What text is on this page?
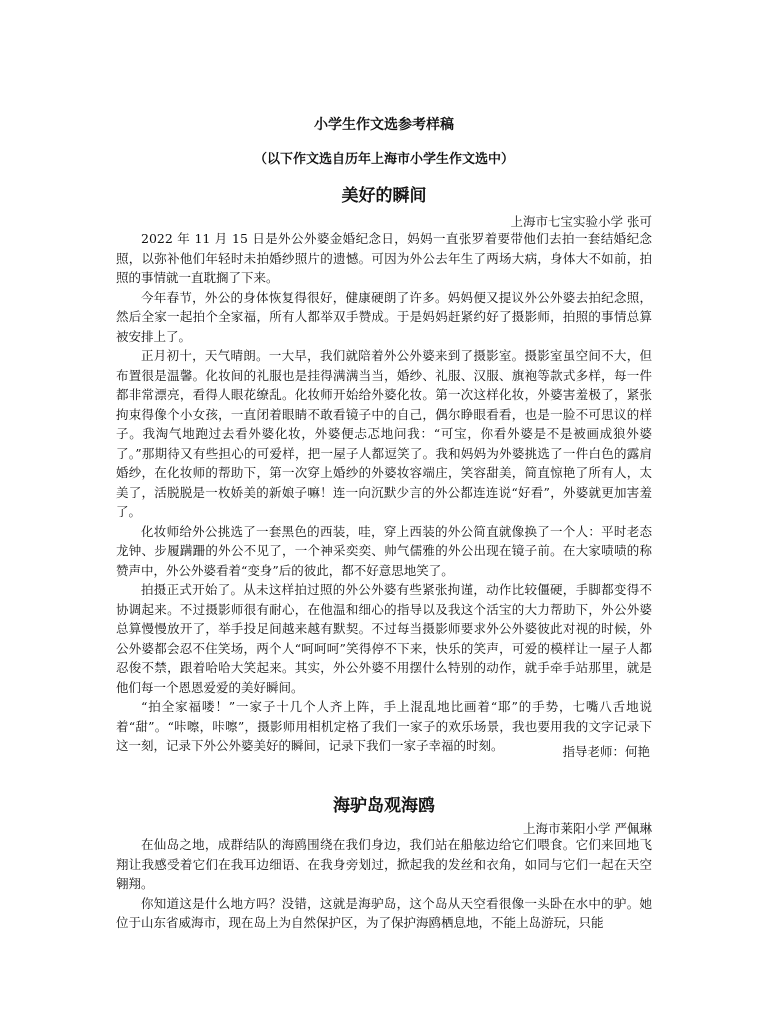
小学生作文选参考样稿
（以下作文选自历年上海市小学生作文选中）
美好的瞬间
上海市七宝实验小学 张可

2022 年 11 月 15 日是外公外婆金婚纪念日，妈妈一直张罗着要带他们去拍一套结婚纪念照，以弥补他们年轻时未拍婚纱照片的遗憾。可因为外公去年生了两场大病，身体大不如前，拍照的事情就一直耽搁了下来。

今年春节，外公的身体恢复得很好，健康硬朗了许多。妈妈便又提议外公外婆去拍纪念照，然后全家一起拍个全家福，所有人都举双手赞成。于是妈妈赶紧约好了摄影师，拍照的事情总算被安排上了。

正月初十，天气晴朗。一大早，我们就陪着外公外婆来到了摄影室。摄影室虽空间不大，但布置很是温馨。化妆间的礼服也是挂得满满当当，婚纱、礼服、汉服、旗袍等款式多样，每一件都非常漂亮，看得人眼花缭乱。化妆师开始给外婆化妆。第一次这样化妆，外婆害羞极了，紧张拘束得像个小女孩，一直闭着眼睛不敢看镜子中的自己，偶尔睁眼看看，也是一脸不可思议的样子。我淘气地跑过去看外婆化妆，外婆便忐忑地问我：“可宝，你看外婆是不是被画成狼外婆了。”那期待又有些担心的可爱样，把一屋子人都逗笑了。我和妈妈为外婆挑选了一件白色的露肩婚纱，在化妆师的帮助下，第一次穿上婚纱的外婆妆容端庄，笑容甜美，简直惊艳了所有人，太美了，活脱脱是一枚娇美的新娘子嘛！连一向沉默少言的外公都连连说“好看”，外婆就更加害羞了。

化妆师给外公挑选了一套黑色的西装，哇，穿上西装的外公简直就像换了一个人：平时老态龙钟、步履蹒跚的外公不见了，一个神采奕奕、帅气儒雅的外公出现在镜子前。在大家啧啧的称赞声中，外公外婆看着“变身”后的彼此，都不好意思地笑了。

拍摄正式开始了。从未这样拍过照的外公外婆有些紧张拘谨，动作比较僵硬，手脚都变得不协调起来。不过摄影师很有耐心，在他温和细心的指导以及我这个活宝的大力帮助下，外公外婆总算慢慢放开了，举手投足间越来越有默契。不过每当摄影师要求外公外婆彼此对视的时候，外公外婆都会忍不住笑场，两个人“呵呵呵”笑得停不下来，快乐的笑声，可爱的模样让一屋子人都忍俊不禁，跟着哈哈大笑起来。其实，外公外婆不用摆什么特别的动作，就手牵手站那里，就是他们每一个恩恩爱爱的美好瞬间。

“拍全家福喽！”一家子十几个人齐上阵，手上混乱地比画着“耶”的手势，七嘴八舌地说着“甜”。“咔嚓，咔嚓”，摄影师用相机定格了我们一家子的欢乐场景，我也要用我的文字记录下这一刻，记录下外公外婆美好的瞬间，记录下我们一家子幸福的时刻。	指导老师：何艳
海驴岛观海鸥
上海市莱阳小学 严佩琳

在仙岛之地，成群结队的海鸥围绕在我们身边，我们站在船舷边给它们喂食。它们来回地飞翔让我感受着它们在我耳边细语、在我身旁划过，掀起我的发丝和衣角，如同与它们一起在天空翱翔。

你知道这是什么地方吗？没错，这就是海驴岛，这个岛从天空看很像一头卧在水中的驴。她位于山东省威海市，现在岛上为自然保护区，为了保护海鸥栖息地，不能上岛游玩，只能
